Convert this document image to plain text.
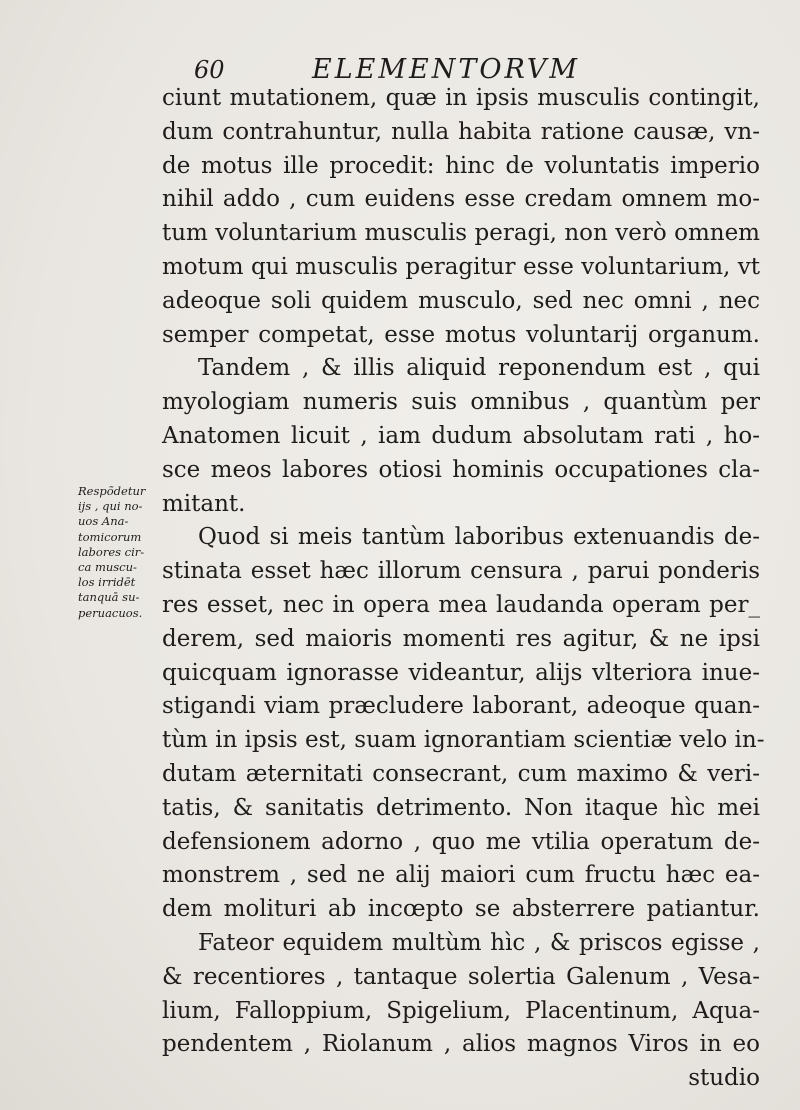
60	ELEMENTORVM
Respõdetur
ijs , qui no-
uos Ana-
tomicorum
labores cir-
ca muscu-
los irridēt
tanquā su-
peruacuos.
ciunt mutationem, quæ in ipsis musculis contingit,
dum contrahuntur, nulla habita ratione causæ, vn-
de motus ille procedit: hinc de voluntatis imperio
nihil addo , cum euidens esse credam omnem mo-
tum voluntarium musculis peragi, non verò omnem
motum qui musculis peragitur esse voluntarium, vt
adeoque soli quidem musculo, sed nec omni , nec
semper competat, esse motus voluntarij organum.
Tandem , & illis aliquid reponendum est , qui
myologiam numeris suis omnibus , quantùm per
Anatomen licuit , iam dudum absolutam rati , ho-
sce meos labores otiosi hominis occupationes cla-
mitant.
Quod si meis tantùm laboribus extenuandis de-
stinata esset hæc illorum censura , parui ponderis
res esset, nec in opera mea laudanda operam per_
derem, sed maioris momenti res agitur, & ne ipsi
quicquam ignorasse videantur, alijs vlteriora inue-
stigandi viam præcludere laborant, adeoque quan-
tùm in ipsis est, suam ignorantiam scientiæ velo in-
dutam æternitati consecrant, cum maximo & veri-
tatis, & sanitatis detrimento. Non itaque hìc mei
defensionem adorno , quo me vtilia operatum de-
monstrem , sed ne alij maiori cum fructu hæc ea-
dem moliturі ab incœpto se absterrere patiantur.
Fateor equidem multùm hìc , & priscos egisse ,
& recentiores , tantaque solertia Galenum , Vesa-
lium, Falloppium, Spigelium, Placentinum, Aqua-
pendentem , Riolanum , alios magnos Viros in eo
studio
